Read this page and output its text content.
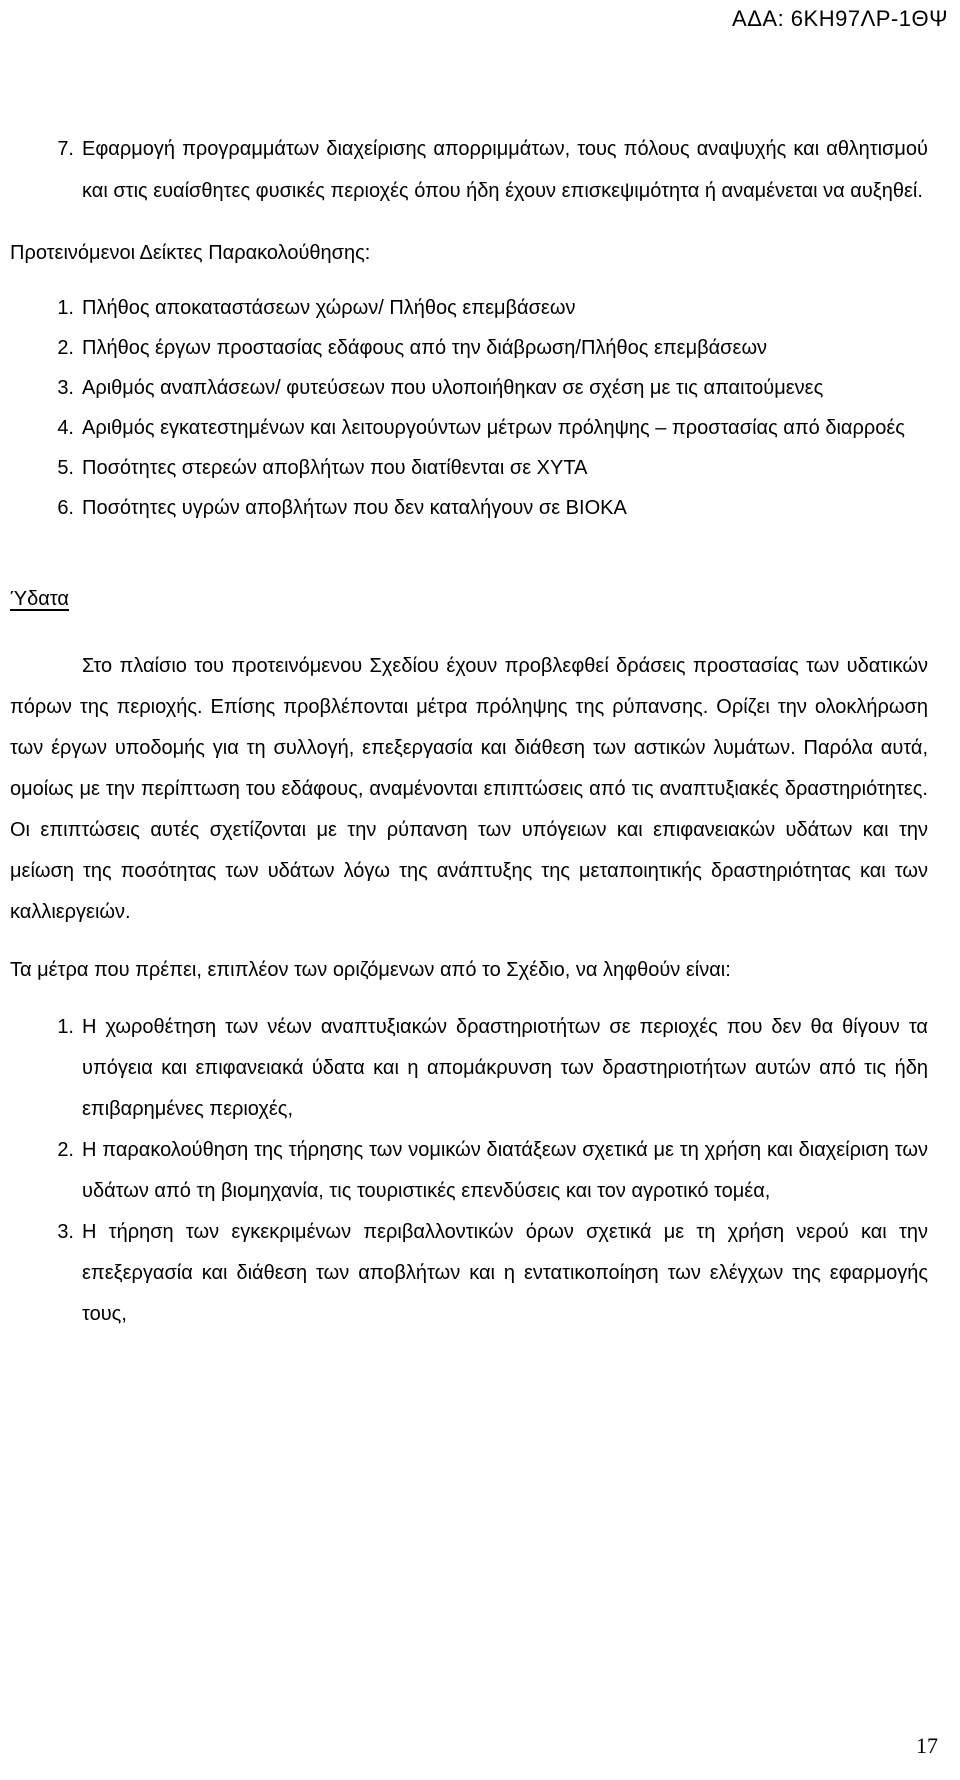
ΑΔΑ: 6ΚΗ97ΛΡ-1ΘΨ
7. Εφαρμογή προγραμμάτων διαχείρισης απορριμμάτων, τους πόλους αναψυχής και αθλητισμού και στις ευαίσθητες φυσικές περιοχές όπου ήδη έχουν επισκεψιμότητα ή αναμένεται να αυξηθεί.
Προτεινόμενοι Δείκτες Παρακολούθησης:
1. Πλήθος αποκαταστάσεων χώρων/ Πλήθος επεμβάσεων
2. Πλήθος έργων προστασίας εδάφους από την διάβρωση/Πλήθος επεμβάσεων
3. Αριθμός αναπλάσεων/ φυτεύσεων που υλοποιήθηκαν σε σχέση με τις απαιτούμενες
4. Αριθμός εγκατεστημένων και λειτουργούντων μέτρων πρόληψης – προστασίας από διαρροές
5. Ποσότητες στερεών αποβλήτων που διατίθενται σε ΧΥΤΑ
6. Ποσότητες υγρών αποβλήτων που δεν καταλήγουν σε ΒΙΟΚΑ
Ύδατα

Στο πλαίσιο του προτεινόμενου Σχεδίου έχουν προβλεφθεί δράσεις προστασίας των υδατικών πόρων της περιοχής. Επίσης προβλέπονται μέτρα πρόληψης της ρύπανσης. Ορίζει την ολοκλήρωση των έργων υποδομής για τη συλλογή, επεξεργασία και διάθεση των αστικών λυμάτων. Παρόλα αυτά, ομοίως με την περίπτωση του εδάφους, αναμένονται επιπτώσεις από τις αναπτυξιακές δραστηριότητες. Οι επιπτώσεις αυτές σχετίζονται με την ρύπανση των υπόγειων και επιφανειακών υδάτων και την μείωση της ποσότητας των υδάτων λόγω της ανάπτυξης της μεταποιητικής δραστηριότητας και των καλλιεργειών.

Τα μέτρα που πρέπει, επιπλέον των οριζόμενων από το Σχέδιο, να ληφθούν είναι:
1. Η χωροθέτηση των νέων αναπτυξιακών δραστηριοτήτων σε περιοχές που δεν θα θίγουν τα υπόγεια και επιφανειακά ύδατα και η απομάκρυνση των δραστηριοτήτων αυτών από τις ήδη επιβαρημένες περιοχές,
2. Η παρακολούθηση της τήρησης των νομικών διατάξεων σχετικά με τη χρήση και διαχείριση των υδάτων από τη βιομηχανία, τις τουριστικές επενδύσεις και τον αγροτικό τομέα,
3. Η τήρηση των εγκεκριμένων περιβαλλοντικών όρων σχετικά με τη χρήση νερού και την επεξεργασία και διάθεση των αποβλήτων και η εντατικοποίηση των ελέγχων της εφαρμογής τους,
17
